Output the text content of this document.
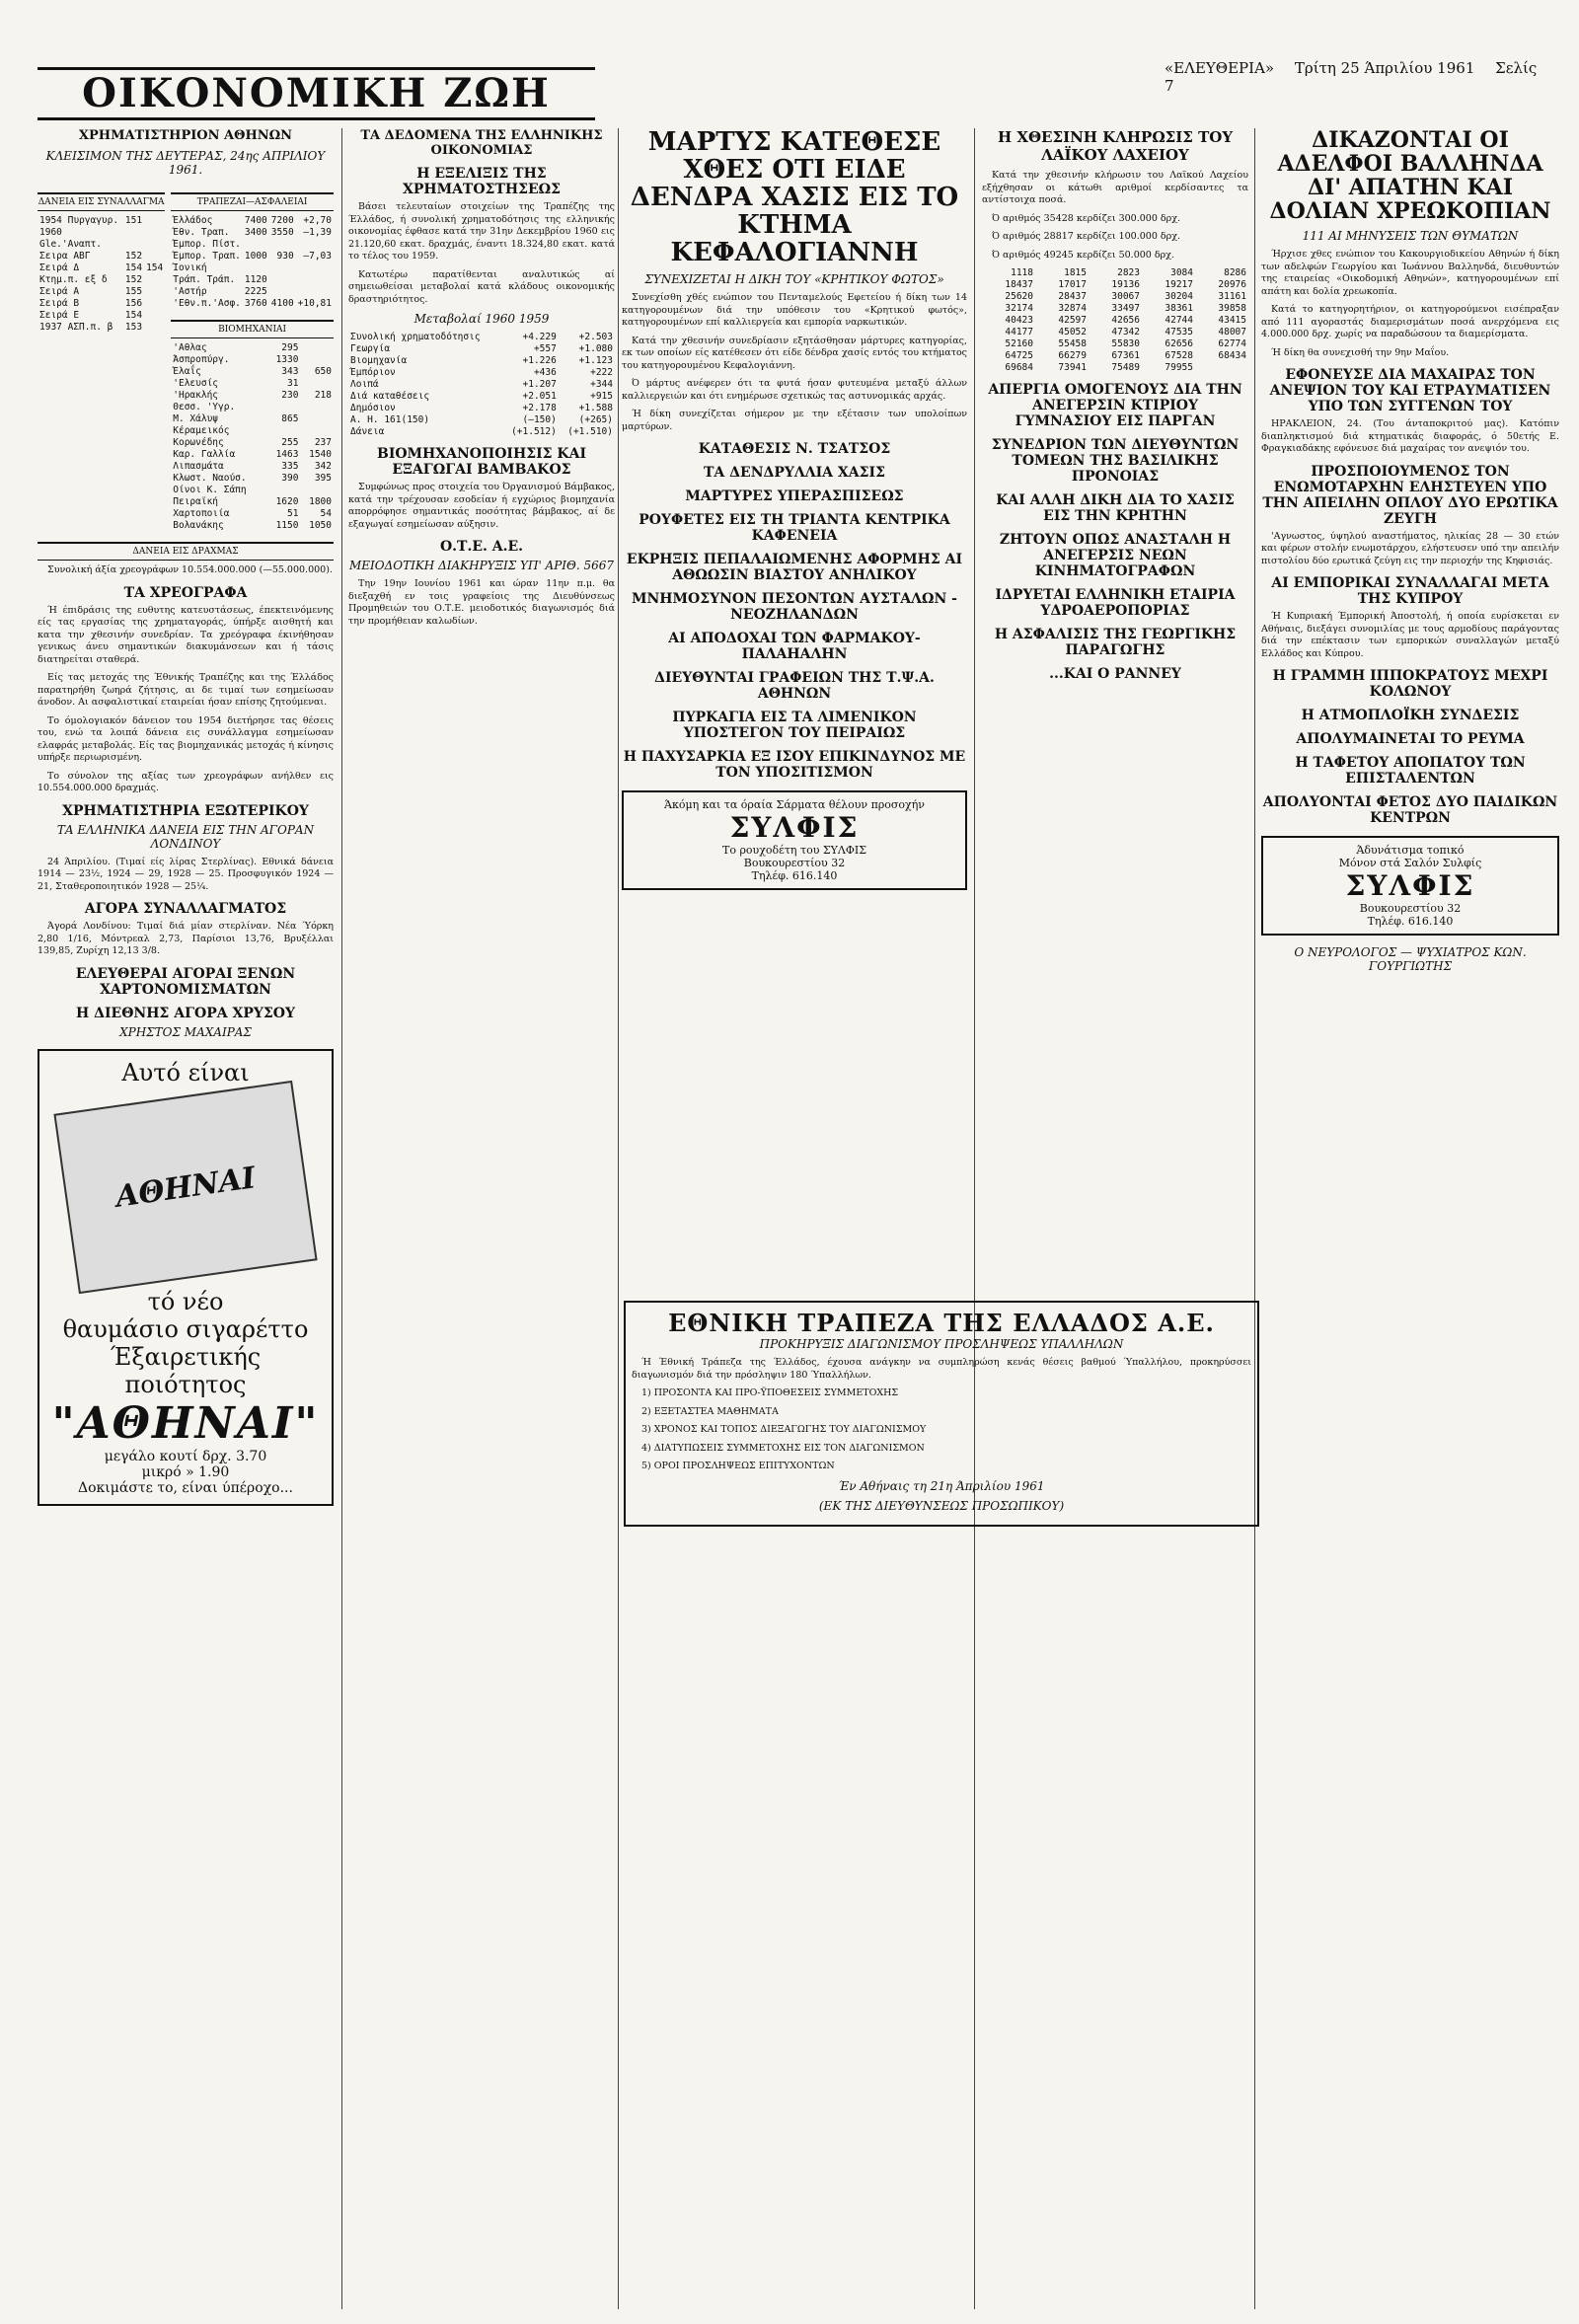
ΟΙΚΟΝΟΜΙΚΗ ΖΩΗ
«ΕΛΕΥΘΕΡΙΑ» Τρίτη 25 Άπριλίου 1961 Σελίς 7
ΧΡΗΜΑΤΙΣΤΗΡΙΟΝ ΑΘΗΝΩΝ
ΚΛΕΙΣΙΜΟΝ ΤΗΣ ΔΕΥΤΕΡΑΣ, 24ης ΑΠΡΙΛΙΟΥ 1961.
ΔΑΝΕΙΑ ΕΙΣ ΣΥΝΑΛΛΑΓΜΑ
1954 Πυργαγυρ.	151	
1960 Gle.'Αναπτ.		
Σειρα ΑΒΓ	152	
Σειρά Δ	154	154
Κτημ.π. εξ δ	152	
Σειρά Α	155	
Σειρά Β	156	
Σειρά Ε	154	
1937 ΑΣΠ.π. β	153	
ΤΡΑΠΕΖΑΙ—ΑΣΦΑΛΕΙΑΙ
Έλλάδος	7400	7200	+2,70
Έθν. Τραπ.	3400	3550	—1,39
Έμπορ. Πίστ.			
Έμπορ. Τραπ.	1000	930	—7,03
Ίονική			
Τράπ. Τράπ.	1120		
'Αστήρ	2225		
'Εθν.π.'Ασφ.	3760	4100	+10,81
ΒΙΟΜΗΧΑΝΙΑΙ
'Αθλας	295	
Άσπροπύργ.	1330	
Έλαΐς	343	650
'Ελευσίς	31	
'Ηρακλής	230	218
Θεσσ. 'Υγρ.		
Μ. Χάλυψ	865	
Κέραμεικός		
Κορωνέδης	255	237
Καρ. Γαλλία	1463	1540
Λιπασμάτα	335	342
Κλωστ. Ναούσ.	390	395
Οίνοι Κ. Σάπη		
Πειραϊκή	1620	1800
Χαρτοποιία	51	54
Βολανάκης	1150	1050
ΔΑΝΕΙΑ ΕΙΣ ΔΡΑΧΜΑΣ

Συνολική άξία χρεογράφων 10.554.000.000 (—55.000.000).

ΤΑ ΧΡΕΟΓΡΑΦΑ

Ή έπιδράσις της ευθυτης κατευστάσεως, έπεκτεινόμενης είς τας εργασίας της χρηματαγοράς, ύπήρξε αισθητή και κατα την χθεσινήν συνεδρίαν. Τα χρεόγραφα έκινήθησαν γενικως άνευ σημαντικών διακυμάνσεων και ή τάσις διατηρείται σταθερά.

Είς τας μετοχάς της Έθνικής Τραπέζης και της Έλλάδος παρατηρήθη ζωηρά ζήτησις, αι δε τιμαί των εσημείωσαν άνοδον. Αι ασφαλιστικαί εταιρείαι ήσαν επίσης ζητούμεναι.

Το όμολογιακόν δάνειον του 1954 διετήρησε τας θέσεις του, ενώ τα λοιπά δάνεια εις συνάλλαγμα εσημείωσαν ελαφράς μεταβολάς. Είς τας βιομηχανικάς μετοχάς ή κίνησις υπήρξε περιωρισμένη.

Το σύνολον της αξίας των χρεογράφων ανήλθεν εις 10.554.000.000 δραχμάς.

ΧΡΗΜΑΤΙΣΤΗΡΙΑ ΕΞΩΤΕΡΙΚΟΥ
ΤΑ ΕΛΛΗΝΙΚΑ ΔΑΝΕΙΑ ΕΙΣ ΤΗΝ ΑΓΟΡΑΝ ΛΟΝΔΙΝΟΥ

24 Άπριλίου. (Τιμαί είς λίρας Στερλίνας). Εθνικά δάνεια 1914 — 23½, 1924 — 29, 1928 — 25. Προσφυγικόν 1924 — 21, Σταθεροποιητικόν 1928 — 25¼.

ΑΓΟΡΑ ΣΥΝΑΛΛΑΓΜΑΤΟΣ

Άγορά Λονδίνου: Τιμαί διά μίαν στερλίναν. Νέα Ύόρκη 2,80 1/16, Μόντρεαλ 2,73, Παρίσιοι 13,76, Βρυξέλλαι 139,85, Ζυρίχη 12,13 3/8.

ΕΛΕΥΘΕΡΑΙ ΑΓΟΡΑΙ ΞΕΝΩΝ ΧΑΡΤΟΝΟΜΙΣΜΑΤΩΝ
Η ΔΙΕΘΝΗΣ ΑΓΟΡΑ ΧΡΥΣΟΥ
ΧΡΗΣΤΟΣ ΜΑΧΑΙΡΑΣ
Αυτό είναι
ΑΘΗΝΑΙ
τό νέο
θαυμάσιο σιγαρέττο
Έξαιρετικής ποιότητος
"ΑΘΗΝΑΙ"
μεγάλο κουτί δρχ. 3.70
μικρό » 1.90
Δοκιμάστε το, είναι ύπέροχο...
ΤΑ ΔΕΔΟΜΕΝΑ ΤΗΣ ΕΛΛΗΝΙΚΗΣ ΟΙΚΟΝΟΜΙΑΣ
Η ΕΞΕΛΙΞΙΣ ΤΗΣ ΧΡΗΜΑΤΟΣΤΗΣΕΩΣ

Βάσει τελευταίων στοιχείων της Τραπέζης της Έλλάδος, ή συνολική χρηματοδότησις της ελληνικής οικονομίας έφθασε κατά την 31ην Δεκεμβρίου 1960 εις 21.120,60 εκατ. δραχμάς, έναντι 18.324,80 εκατ. κατά το τέλος του 1959.

Κατωτέρω παρατίθενται αναλυτικώς αί σημειωθείσαι μεταβολαί κατά κλάδους οικονομικής δραστηριότητος.

Μεταβολαί 1960 1959
Συνολική χρηματοδότησις	+4.229	+2.503
Γεωργία	+557	+1.080
Βιομηχανία	+1.226	+1.123
Έμπόριον	+436	+222
Λοιπά	+1.207	+344
Διά καταθέσεις	+2.051	+915
Δημόσιον	+2.178	+1.588
Α. Η. 161(150)	(—150)	(+265)
Δάνεια	(+1.512)	(+1.510)
ΒΙΟΜΗΧΑΝΟΠΟΙΗΣΙΣ ΚΑΙ ΕΞΑΓΩΓΑΙ ΒΑΜΒΑΚΟΣ

Συμφώνως προς στοιχεία του Όργανισμού Βάμβακος, κατά την τρέχουσαν εσοδείαν ή εγχώριος βιομηχανία απορρόφησε σημαντικάς ποσότητας βάμβακος, αί δε εξαγωγαί εσημείωσαν αύξησιν.

Ο.Τ.Ε. Α.Ε.
ΜΕΙΟΔΟΤΙΚΗ ΔΙΑΚΗΡΥΞΙΣ ΥΠ' ΑΡΙΘ. 5667

Την 19ην Ιουνίου 1961 και ώραν 11ην π.μ. θα διεξαχθή εν τοις γραφείοις της Διευθύνσεως Προμηθειών του Ο.Τ.Ε. μειοδοτικός διαγωνισμός διά την προμήθειαν καλωδίων.

ΜΑΡΤΥΣ ΚΑΤΕΘΕΣΕ ΧΘΕΣ ΟΤΙ ΕΙΔΕ ΔΕΝΔΡΑ ΧΑΣΙΣ ΕΙΣ ΤΟ ΚΤΗΜΑ ΚΕΦΑΛΟΓΙΑΝΝΗ
ΣΥΝΕΧΙΖΕΤΑΙ Η ΔΙΚΗ ΤΟΥ «ΚΡΗΤΙΚΟΥ ΦΩΤΟΣ»

Συνεχίσθη χθές ενώπιον του Πενταμελούς Εφετείου ή δίκη των 14 κατηγορουμένων διά την υπόθεσιν του «Κρητικού φωτός», κατηγορουμένων επί καλλιεργεία και εμπορία ναρκωτικών.

Κατά την χθεσινήν συνεδρίασιν εξητάσθησαν μάρτυρες κατηγορίας, εκ των οποίων είς κατέθεσεν ότι είδε δένδρα χασίς εντός του κτήματος του κατηγορουμένου Κεφαλογιάννη.

Ό μάρτυς ανέφερεν ότι τα φυτά ήσαν φυτευμένα μεταξύ άλλων καλλιεργειών και ότι ενημέρωσε σχετικώς τας αστυνομικάς αρχάς.

Ή δίκη συνεχίζεται σήμερον με την εξέτασιν των υπολοίπων μαρτύρων.

ΚΑΤΑΘΕΣΙΣ Ν. ΤΣΑΤΣΟΣ
ΤΑ ΔΕΝΔΡΥΛΛΙΑ ΧΑΣΙΣ
ΜΑΡΤΥΡΕΣ ΥΠΕΡΑΣΠΙΣΕΩΣ
ΡΟΥΦΕΤΕΣ ΕΙΣ ΤΗ ΤΡΙΑΝΤΑ ΚΕΝΤΡΙΚΑ ΚΑΦΕΝΕΙΑ
ΕΚΡΗΞΙΣ ΠΕΠΑΛΑΙΩΜΕΝΗΣ ΑΦΟΡΜΗΣ ΑΙ ΑΘΩΩΣΙΝ ΒΙΑΣΤΟΥ ΑΝΗΛΙΚΟΥ
ΜΝΗΜΟΣΥΝΟΝ ΠΕΣΟΝΤΩΝ ΑΥΣΤΑΛΩΝ - ΝΕΟΖΗΛΑΝΔΩΝ
ΑΙ ΑΠΟΔΟΧΑΙ ΤΩΝ ΦΑΡΜΑΚΟΥ-ΠΑΛΑΗΑΛΗΝ
ΔΙΕΥΘΥΝΤΑΙ ΓΡΑΦΕΙΩΝ ΤΗΣ Τ.Ψ.Α. ΑΘΗΝΩΝ
ΠΥΡΚΑΓΙΑ ΕΙΣ ΤΑ ΛΙΜΕΝΙΚΟΝ ΥΠΟΣΤΕΓΟΝ ΤΟΥ ΠΕΙΡΑΙΩΣ
Η ΠΑΧΥΣΑΡΚΙΑ ΕΞ ΙΣΟΥ ΕΠΙΚΙΝΔΥΝΟΣ ΜΕ ΤΟΝ ΥΠΟΣΙΤΙΣΜΟΝ
Άκόμη και τα όραία Σάρματα θέλουν προσοχήν
ΣΥΛΦΙΣ
Το ρουχοδέτη του ΣΥΛΦΙΣ
Βουκουρεστίου 32
Τηλέφ. 616.140
Η ΧΘΕΣΙΝΗ ΚΛΗΡΩΣΙΣ ΤΟΥ ΛΑΪΚΟΥ ΛΑΧΕΙΟΥ

Κατά την χθεσινήν κλήρωσιν του Λαϊκού Λαχείου εξήχθησαν οι κάτωθι αριθμοί κερδίσαντες τα αντίστοιχα ποσά.

Ό αριθμός 35428 κερδίζει 300.000 δρχ.

Ό αριθμός 28817 κερδίζει 100.000 δρχ.

Ό αριθμός 49245 κερδίζει 50.000 δρχ.

1118	1815	2823	3084	8286
18437	17017	19136	19217	20976
25620	28437	30067	30204	31161
32174	32874	33497	38361	39858
40423	42597	42656	42744	43415
44177	45052	47342	47535	48007
52160	55458	55830	62656	62774
64725	66279	67361	67528	68434
69684	73941	75489	79955	
ΑΠΕΡΓΙΑ ΟΜΟΓΕΝΟΥΣ ΔΙΑ ΤΗΝ ΑΝΕΓΕΡΣΙΝ ΚΤΙΡΙΟΥ ΓΥΜΝΑΣΙΟΥ ΕΙΣ ΠΑΡΓΑΝ
ΣΥΝΕΔΡΙΟΝ ΤΩΝ ΔΙΕΥΘΥΝΤΩΝ ΤΟΜΕΩΝ ΤΗΣ ΒΑΣΙΛΙΚΗΣ ΠΡΟΝΟΙΑΣ
ΚΑΙ ΑΛΛΗ ΔΙΚΗ ΔΙΑ ΤΟ ΧΑΣΙΣ ΕΙΣ ΤΗΝ ΚΡΗΤΗΝ
ΖΗΤΟΥΝ ΟΠΩΣ ΑΝΑΣΤΑΛΗ Η ΑΝΕΓΕΡΣΙΣ ΝΕΩΝ ΚΙΝΗΜΑΤΟΓΡΑΦΩΝ
ΙΔΡΥΕΤΑΙ ΕΛΛΗΝΙΚΗ ΕΤΑΙΡΙΑ ΥΔΡΟΑΕΡΟΠΟΡΙΑΣ
Η ΑΣΦΑΛΙΣΙΣ ΤΗΣ ΓΕΩΡΓΙΚΗΣ ΠΑΡΑΓΩΓΗΣ
...ΚΑΙ Ο ΡΑΝΝΕΥ
ΕΘΝΙΚΗ ΤΡΑΠΕΖΑ ΤΗΣ ΕΛΛΑΔΟΣ Α.Ε.
ΠΡΟΚΗΡΥΞΙΣ ΔΙΑΓΩΝΙΣΜΟΥ ΠΡΟΣΛΗΨΕΩΣ ΥΠΑΛΛΗΛΩΝ

Ή Έθνική Τράπεζα της Έλλάδος, έχουσα ανάγκην να συμπληρώση κενάς θέσεις βαθμού Ύπαλλήλου, προκηρύσσει διαγωνισμόν διά την πρόσληψιν 180 Ύπαλλήλων.

1) ΠΡΟΣΟΝΤΑ ΚΑΙ ΠΡΟ-ΫΠΟΘΕΣΕΙΣ ΣΥΜΜΕΤΟΧΗΣ

2) ΕΞΕΤΑΣΤΕΑ ΜΑΘΗΜΑΤΑ

3) ΧΡΟΝΟΣ ΚΑΙ ΤΟΠΟΣ ΔΙΕΞΑΓΩΓΗΣ ΤΟΥ ΔΙΑΓΩΝΙΣΜΟΥ

4) ΔΙΑΤΥΠΩΣΕΙΣ ΣΥΜΜΕΤΟΧΗΣ ΕΙΣ ΤΟΝ ΔΙΑΓΩΝΙΣΜΟΝ

5) ΟΡΟΙ ΠΡΟΣΛΗΨΕΩΣ ΕΠΙΤΥΧΟΝΤΩΝ

Έν Αθήναις τη 21η Άπριλίου 1961
(ΕΚ ΤΗΣ ΔΙΕΥΘΥΝΣΕΩΣ ΠΡΟΣΩΠΙΚΟΥ)
ΔΙΚΑΖΟΝΤΑΙ ΟΙ ΑΔΕΛΦΟΙ ΒΑΛΛΗΝΔΑ ΔΙ' ΑΠΑΤΗΝ ΚΑΙ ΔΟΛΙΑΝ ΧΡΕΩΚΟΠΙΑΝ
111 ΑΙ ΜΗΝΥΣΕΙΣ ΤΩΝ ΘΥΜΑΤΩΝ

Ήρχισε χθες ενώπιον του Κακουργιοδικείου Αθηνών ή δίκη των αδελφών Γεωργίου και Ίωάννου Βαλληνδά, διευθυντών της εταιρείας «Οικοδομική Αθηνών», κατηγορουμένων επί απάτη και δολία χρεωκοπία.

Κατά το κατηγορητήριον, οι κατηγορούμενοι εισέπραξαν από 111 αγοραστάς διαμερισμάτων ποσά ανερχόμενα εις 4.000.000 δρχ. χωρίς να παραδώσουν τα διαμερίσματα.

Ή δίκη θα συνεχισθή την 9ην Μαΐου.

ΕΦΟΝΕΥΣΕ ΔΙΑ ΜΑΧΑΙΡΑΣ ΤΟΝ ΑΝΕΨΙΟΝ ΤΟΥ ΚΑΙ ΕΤΡΑΥΜΑΤΙΣΕΝ ΥΠΟ ΤΩΝ ΣΥΓΓΕΝΩΝ ΤΟΥ

ΗΡΑΚΛΕΙΟΝ, 24. (Του άνταποκριτού μας). Κατόπιν διαπληκτισμού διά κτηματικάς διαφοράς, ό 50ετής Ε. Φραγκιαδάκης εφόνευσε διά μαχαίρας τον ανεψιόν του.

ΠΡΟΣΠΟΙΟΥΜΕΝΟΣ ΤΟΝ ΕΝΩΜΟΤΑΡΧΗΝ ΕΛΗΣΤΕΥΕΝ ΥΠΟ ΤΗΝ ΑΠΕΙΛΗΝ ΟΠΛΟΥ ΔΥΟ ΕΡΩΤΙΚΑ ΖΕΥΓΗ

'Αγνωστος, ύψηλού αναστήματος, ηλικίας 28 — 30 ετών και φέρων στολήν ενωμοτάρχου, ελήστευσεν υπό την απειλήν πιστολίου δύο ερωτικά ζεύγη εις την περιοχήν της Κηφισιάς.

ΑΙ ΕΜΠΟΡΙΚΑΙ ΣΥΝΑΛΛΑΓΑΙ ΜΕΤΑ ΤΗΣ ΚΥΠΡΟΥ

Ή Κυπριακή Έμπορική Άποστολή, ή οποία ευρίσκεται εν Αθήναις, διεξάγει συνομιλίας με τους αρμοδίους παράγοντας διά την επέκτασιν των εμπορικών συναλλαγών μεταξύ Ελλάδος και Κύπρου.

Η ΓΡΑΜΜΗ ΙΠΠΟΚΡΑΤΟΥΣ ΜΕΧΡΙ ΚΟΛΩΝΟΥ
Η ΑΤΜΟΠΛΟΪΚΗ ΣΥΝΔΕΣΙΣ
ΑΠΟΛΥΜΑΙΝΕΤΑΙ ΤΟ ΡΕΥΜΑ
Η ΤΑΦΕΤΟΥ ΑΠΟΠΑΤΟΥ ΤΩΝ ΕΠΙΣΤΑΛΕΝΤΩΝ
ΑΠΟΛΥΟΝΤΑΙ ΦΕΤΟΣ ΔΥΟ ΠΑΙΔΙΚΩΝ ΚΕΝΤΡΩΝ
Άδυνάτισμα τοπικό
Μόνον στά Σαλόν Συλφίς
ΣΥΛΦΙΣ
Βουκουρεστίου 32
Τηλέφ. 616.140
Ο ΝΕΥΡΟΛΟΓΟΣ — ΨΥΧΙΑΤΡΟΣ ΚΩΝ. ΓΟΥΡΓΙΩΤΗΣ
